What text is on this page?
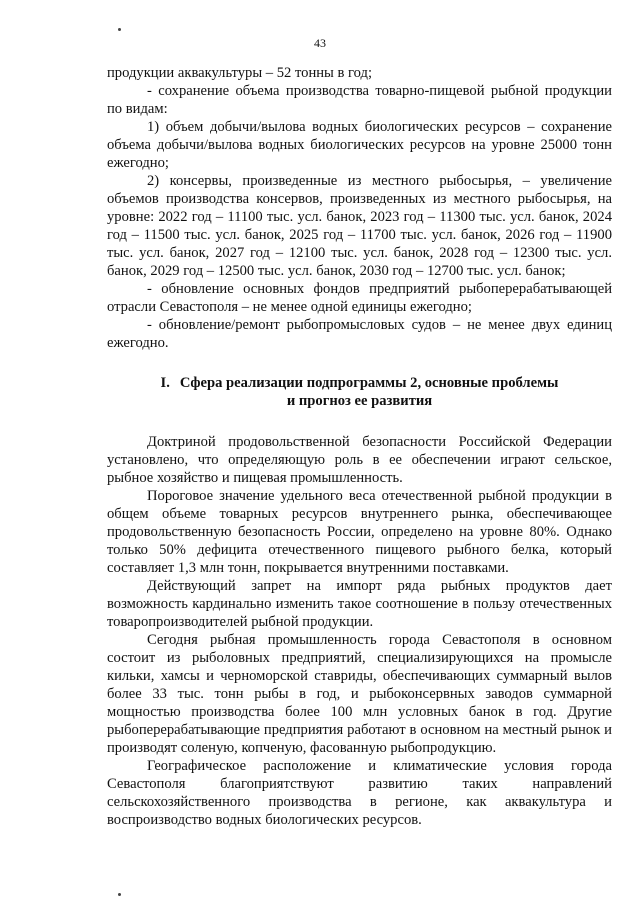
43

продукции аквакультуры – 52 тонны в год;

- сохранение объема производства товарно-пищевой рыбной продукции по видам:

1) объем добычи/вылова водных биологических ресурсов – сохранение объема добычи/вылова водных биологических ресурсов на уровне 25000 тонн ежегодно;

2) консервы, произведенные из местного рыбосырья, – увеличение объемов производства консервов, произведенных из местного рыбосырья, на уровне: 2022 год – 11100 тыс. усл. банок, 2023 год – 11300 тыс. усл. банок, 2024 год – 11500 тыс. усл. банок, 2025 год – 11700 тыс. усл. банок, 2026 год – 11900 тыс. усл. банок, 2027 год – 12100 тыс. усл. банок, 2028 год – 12300 тыс. усл. банок, 2029 год – 12500 тыс. усл. банок, 2030 год – 12700 тыс. усл. банок;

- обновление основных фондов предприятий рыбоперерабатывающей отрасли Севастополя – не менее одной единицы ежегодно;

- обновление/ремонт рыбопромысловых судов – не менее двух единиц ежегодно.

I. Сфера реализации подпрограммы 2, основные проблемы
и прогноз ее развития

Доктриной продовольственной безопасности Российской Федерации установлено, что определяющую роль в ее обеспечении играют сельское, рыбное хозяйство и пищевая промышленность.

Пороговое значение удельного веса отечественной рыбной продукции в общем объеме товарных ресурсов внутреннего рынка, обеспечивающее продовольственную безопасность России, определено на уровне 80%. Однако только 50% дефицита отечественного пищевого рыбного белка, который составляет 1,3 млн тонн, покрывается внутренними поставками.

Действующий запрет на импорт ряда рыбных продуктов дает возможность кардинально изменить такое соотношение в пользу отечественных товаропроизводителей рыбной продукции.

Сегодня рыбная промышленность города Севастополя в основном состоит из рыболовных предприятий, специализирующихся на промысле кильки, хамсы и черноморской ставриды, обеспечивающих суммарный вылов более 33 тыс. тонн рыбы в год, и рыбоконсервных заводов суммарной мощностью производства более 100 млн условных банок в год. Другие рыбоперерабатывающие предприятия работают в основном на местный рынок и производят соленую, копченую, фасованную рыбопродукцию.

Географическое расположение и климатические условия города Севастополя благоприятствуют развитию таких направлений сельскохозяйственного производства в регионе, как аквакультура и воспроизводство водных биологических ресурсов.
